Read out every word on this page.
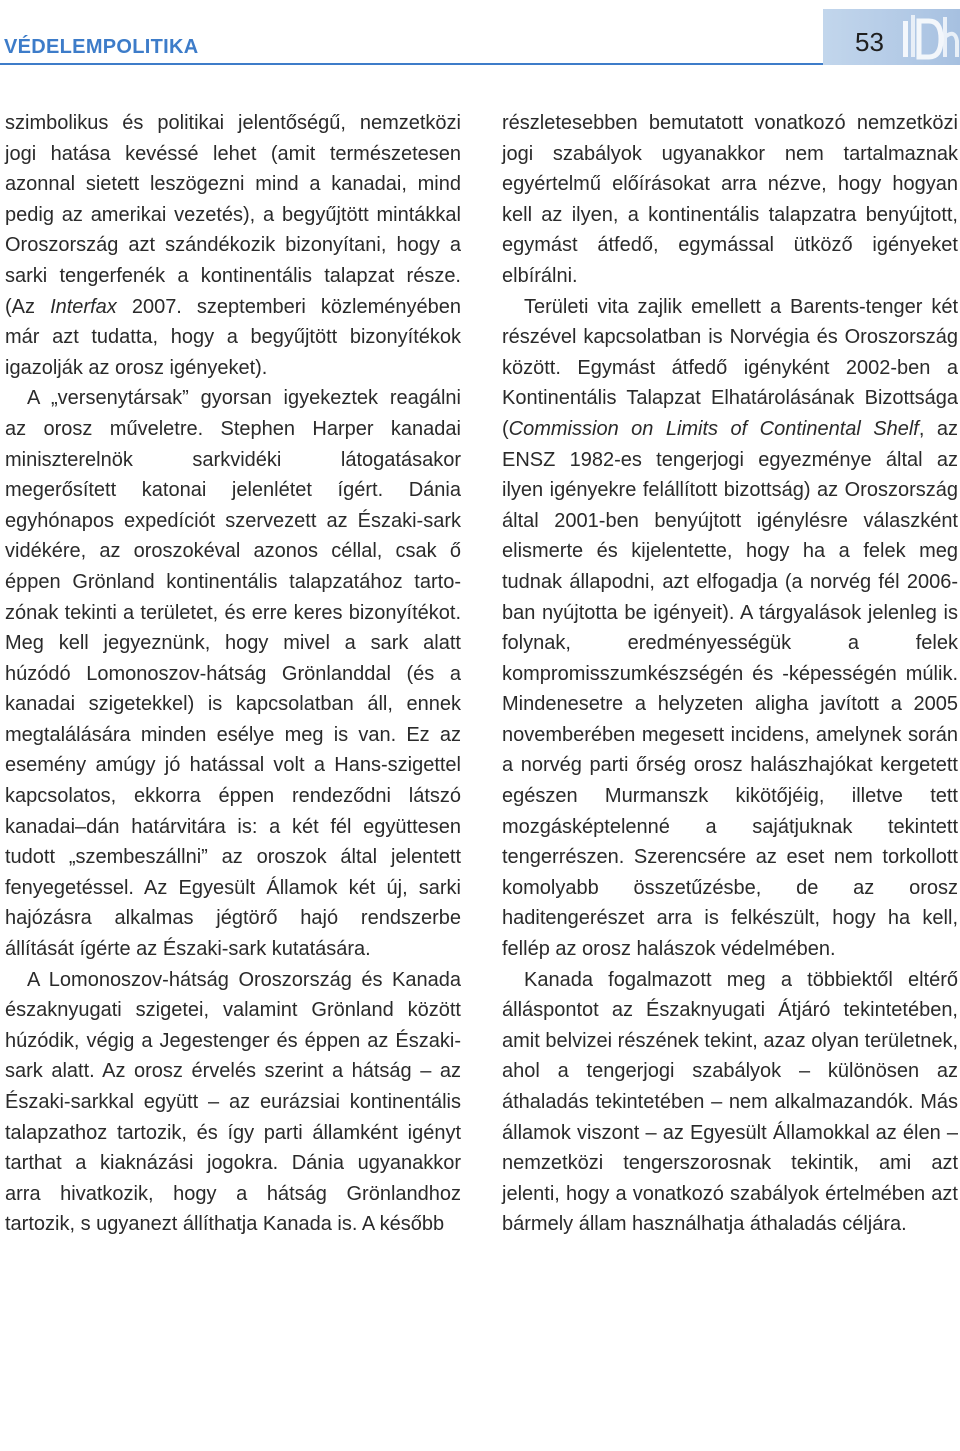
VÉDELEMPOLITIKA	53

szimbolikus és politikai jelentőségű, nemzetközi jogi hatása kevéssé lehet (amit természetesen azonnal sietett leszögezni mind a kanadai, mind pedig az amerikai vezetés), a begyűjtött mintákkal Oroszország azt szándékozik bizonyítani, hogy a sarki tengerfenék a kontinentális talapzat része. (Az Interfax 2007. szeptemberi közleményében már azt tudatta, hogy a begyűjtött bizonyítékok igazolják az orosz igényeket).

A „versenytársak” gyorsan igyekeztek reagálni az orosz műveletre. Stephen Harper kanadai miniszterelnök sarkvidéki látogatásakor megerősített katonai jelenlétet ígért. Dánia egyhónapos expedíciót szervezett az Északi-sark vidékére, az oroszokéval azonos céllal, csak ő éppen Grönland kontinentális talapzatához tartozónak tekinti a területet, és erre keres bizonyítékot. Meg kell jegyeznünk, hogy mivel a sark alatt húzódó Lomonoszov-hátság Grönlanddal (és a kanadai szigetekkel) is kapcsolatban áll, ennek megtalálására minden esélye meg is van. Ez az esemény amúgy jó hatással volt a Hans-szigettel kapcsolatos, ekkorra éppen rendeződni látszó kanadai–dán határvitára is: a két fél együttesen tudott „szembeszállni” az oroszok által jelentett fenyegetéssel. Az Egyesült Államok két új, sarki hajózásra alkalmas jégtörő hajó rendszerbe állítását ígérte az Északi-sark kutatására.

A Lomonoszov-hátság Oroszország és Kanada északnyugati szigetei, valamint Grönland között húzódik, végig a Jegestenger és éppen az Északi-sark alatt. Az orosz érvelés szerint a hátság – az Északi-sarkkal együtt – az eurázsiai kontinentális talapzathoz tartozik, és így parti államként igényt tarthat a kiaknázási jogokra. Dánia ugyanakkor arra hivatkozik, hogy a hátság Grönlandhoz tartozik, s ugyanezt állíthatja Kanada is. A később

részletesebben bemutatott vonatkozó nemzetközi jogi szabályok ugyanakkor nem tartalmaznak egyértelmű előírásokat arra nézve, hogy hogyan kell az ilyen, a kontinentális talapzatra benyújtott, egymást átfedő, egymással ütköző igényeket elbírálni.

Területi vita zajlik emellett a Barents-tenger két részével kapcsolatban is Norvégia és Oroszország között. Egymást átfedő igényként 2002-ben a Kontinentális Talapzat Elhatárolásának Bizottsága (Commission on Limits of Continental Shelf, az ENSZ 1982-es tengerjogi egyezménye által az ilyen igényekre felállított bizottság) az Oroszország által 2001-ben benyújtott igénylésre válaszként elismerte és kijelentette, hogy ha a felek meg tudnak állapodni, azt elfogadja (a norvég fél 2006-ban nyújtotta be igényeit). A tárgyalások jelenleg is folynak, eredményességük a felek kompromisszumkészségén és -képességén múlik. Mindenesetre a helyzeten aligha javított a 2005 novemberében megesett incidens, amelynek során a norvég parti őrség orosz halászhajókat kergetett egészen Murmanszk kikötőjéig, illetve tett mozgásképtelenné a sajátjuknak tekintett tengerrészen. Szerencsére az eset nem torkollott komolyabb összetűzésbe, de az orosz haditengerészet arra is felkészült, hogy ha kell, fellép az orosz halászok védelmében.

Kanada fogalmazott meg a többiektől eltérő álláspontot az Északnyugati Átjáró tekintetében, amit belvizei részének tekint, azaz olyan területnek, ahol a tengerjogi szabályok – különösen az áthaladás tekintetében – nem alkalmazandók. Más államok viszont – az Egyesült Államokkal az élen – nemzetközi tengerszorosnak tekintik, ami azt jelenti, hogy a vonatkozó szabályok értelmében azt bármely állam használhatja áthaladás céljára.
